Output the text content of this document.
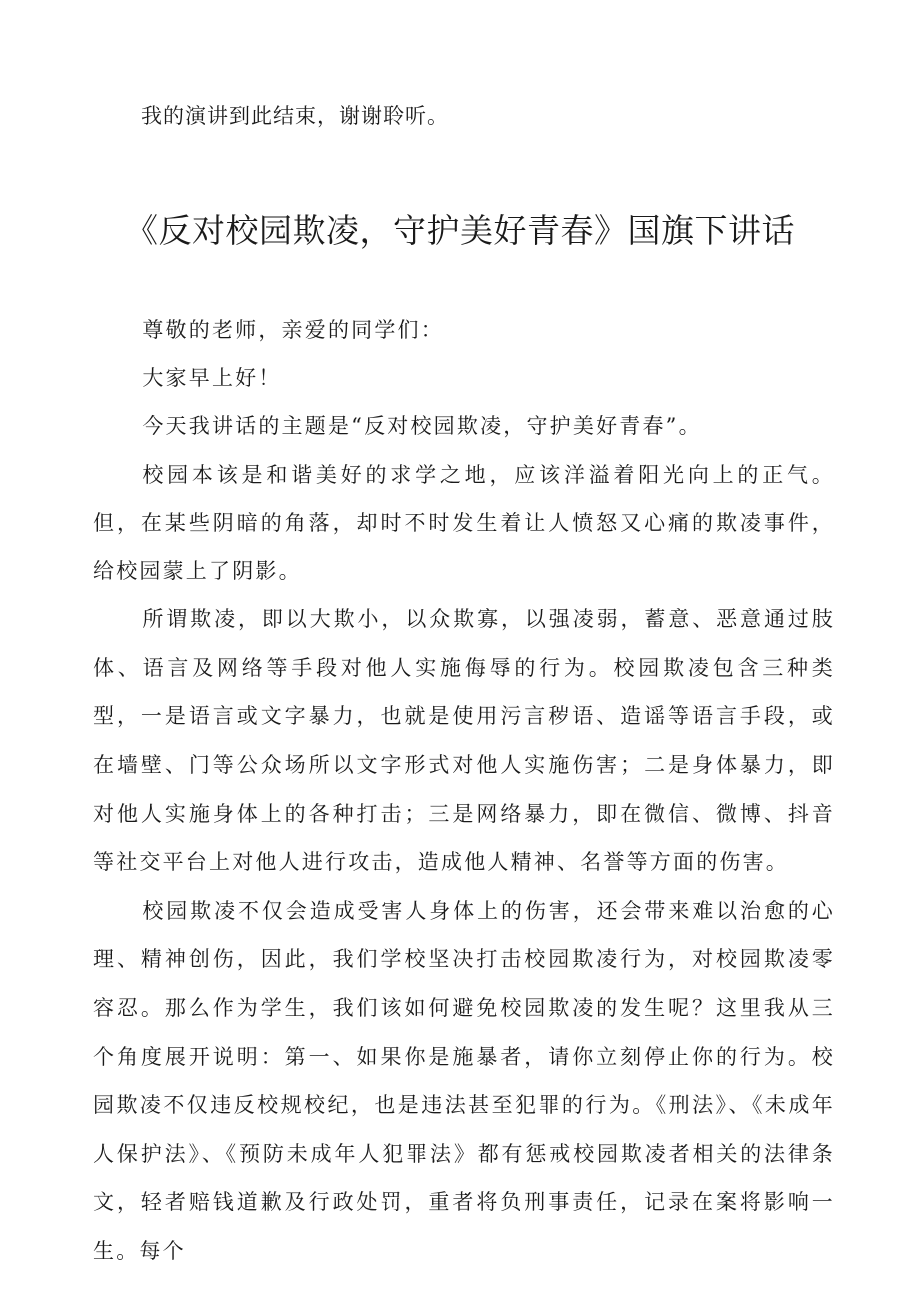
我的演讲到此结束，谢谢聆听。
《反对校园欺凌，守护美好青春》国旗下讲话

尊敬的老师，亲爱的同学们：

大家早上好！

今天我讲话的主题是“反对校园欺凌，守护美好青春”。

校园本该是和谐美好的求学之地，应该洋溢着阳光向上的正气。但，在某些阴暗的角落，却时不时发生着让人愤怒又心痛的欺凌事件，给校园蒙上了阴影。

所谓欺凌，即以大欺小，以众欺寡，以强凌弱，蓄意、恶意通过肢体、语言及网络等手段对他人实施侮辱的行为。校园欺凌包含三种类型，一是语言或文字暴力，也就是使用污言秽语、造谣等语言手段，或在墙壁、门等公众场所以文字形式对他人实施伤害；二是身体暴力，即对他人实施身体上的各种打击；三是网络暴力，即在微信、微博、抖音等社交平台上对他人进行攻击，造成他人精神、名誉等方面的伤害。

校园欺凌不仅会造成受害人身体上的伤害，还会带来难以治愈的心理、精神创伤，因此，我们学校坚决打击校园欺凌行为，对校园欺凌零容忍。那么作为学生，我们该如何避免校园欺凌的发生呢？这里我从三个角度展开说明：第一、如果你是施暴者，请你立刻停止你的行为。校园欺凌不仅违反校规校纪，也是违法甚至犯罪的行为。《刑法》、《未成年人保护法》、《预防未成年人犯罪法》都有惩戒校园欺凌者相关的法律条文，轻者赔钱道歉及行政处罚，重者将负刑事责任，记录在案将影响一生。每个
